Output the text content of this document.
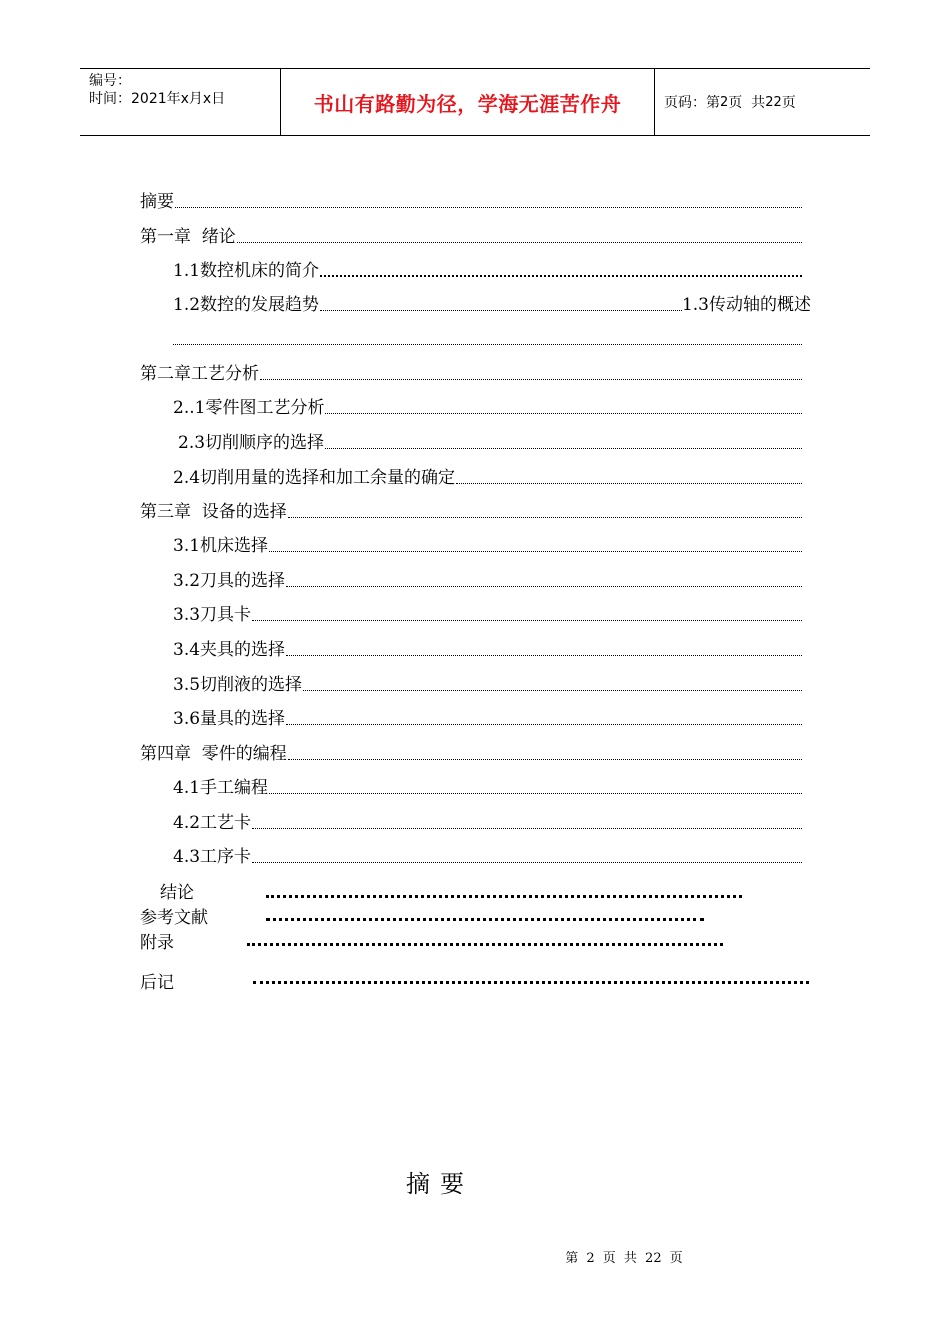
编号：
时间：2021年x月x日	书山有路勤为径，学海无涯苦作舟	页码：第 2 页  共 22 页
摘要
第一章  绪论
1.1数控机床的简介
1.2数控的发展趋势	1.3传动轴的概述
第二章工艺分析
2..1零件图工艺分析
2.3切削顺序的选择
2.4切削用量的选择和加工余量的确定
第三章  设备的选择
3.1机床选择
3.2刀具的选择
3.3刀具卡
3.4夹具的选择
3.5切削液的选择
3.6量具的选择
第四章  零件的编程
4.1手工编程
4.2工艺卡
4.3工序卡
结论
参考文献
附录
后记
摘要
第 2 页 共 22 页
